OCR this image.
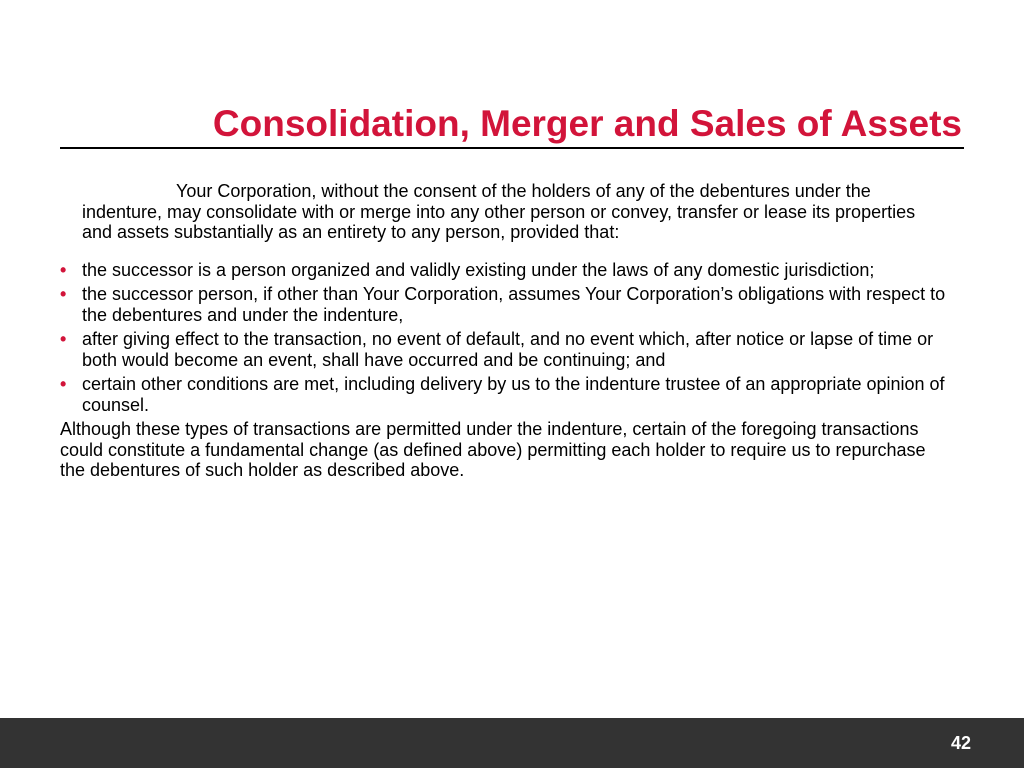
Consolidation, Merger and Sales of Assets

Your Corporation, without the consent of the holders of any of the debentures under the indenture, may consolidate with or merge into any other person or convey, transfer or lease its properties and assets substantially as an entirety to any person, provided that:

• the successor is a person organized and validly existing under the laws of any domestic jurisdiction;
• the successor person, if other than Your Corporation, assumes Your Corporation’s obligations with respect to the debentures and under the indenture,
• after giving effect to the transaction, no event of default, and no event which, after notice or lapse of time or both would become an event, shall have occurred and be continuing; and
• certain other conditions are met, including delivery by us to the indenture trustee of an appropriate opinion of counsel.

Although these types of transactions are permitted under the indenture, certain of the foregoing transactions could constitute a fundamental change (as defined above) permitting each holder to require us to repurchase the debentures of such holder as described above.

42
